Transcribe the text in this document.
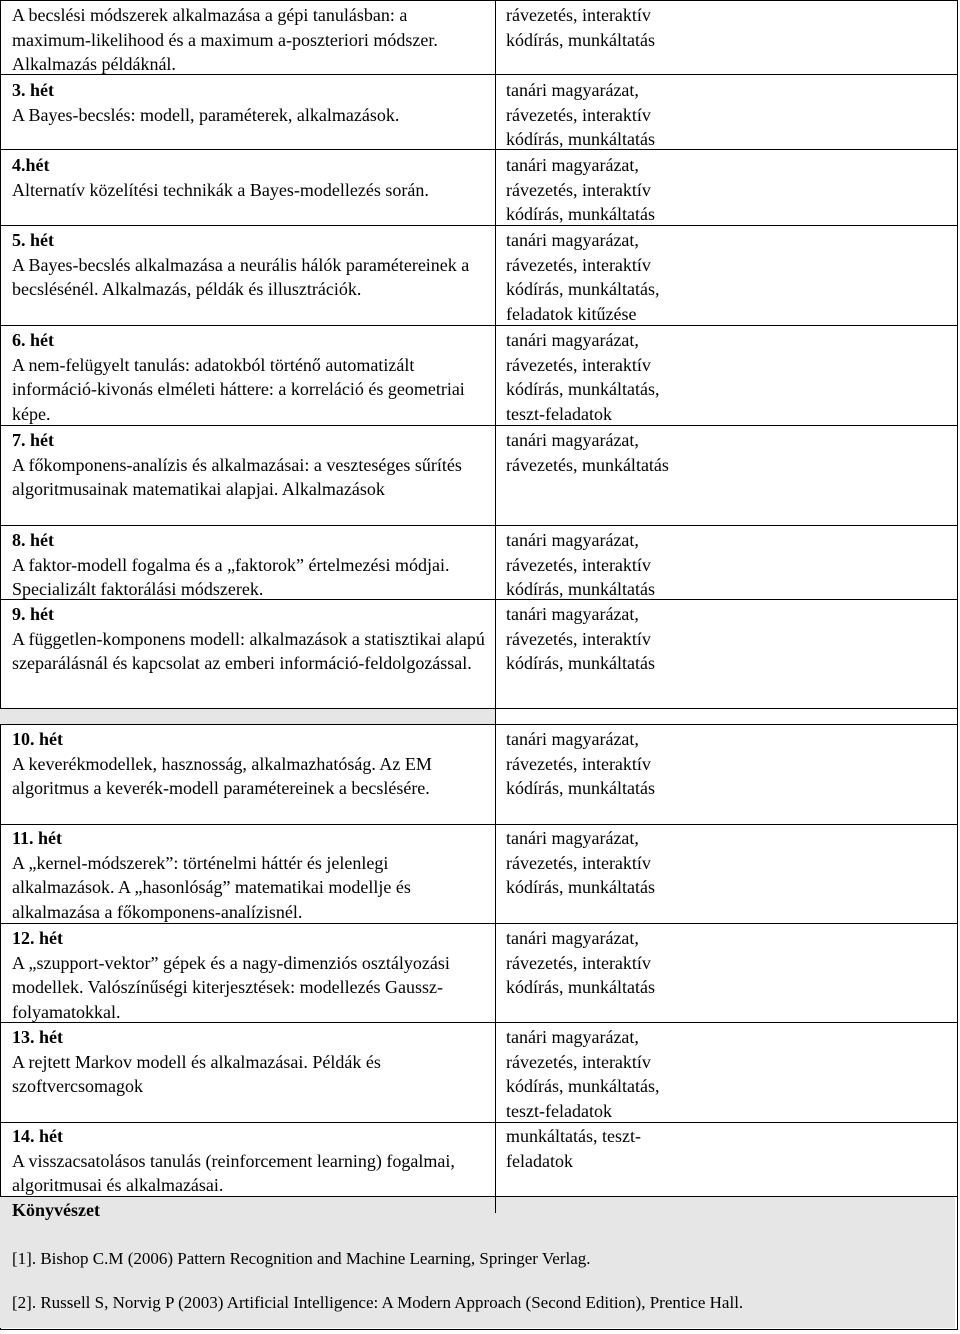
A becslési módszerek alkalmazása a gépi tanulásban: a maximum-likelihood és a maximum a-poszteriori módszer. Alkalmazás példáknál.

rávezetés, interaktív kódírás, munkáltatás

3. hét

A Bayes-becslés: modell, paraméterek, alkalmazások.

tanári magyarázat, rávezetés, interaktív kódírás, munkáltatás

4.hét

Alternatív közelítési technikák a Bayes-modellezés során.

tanári magyarázat, rávezetés, interaktív kódírás, munkáltatás

5. hét

A Bayes-becslés alkalmazása a neurális hálók paramétereinek a becslésénél. Alkalmazás, példák és illusztrációk.

tanári magyarázat, rávezetés, interaktív kódírás, munkáltatás, feladatok kitűzése

6. hét

A nem-felügyelt tanulás: adatokból történő automatizált információ-kivonás elméleti háttere: a korreláció és geometriai képe.

tanári magyarázat, rávezetés, interaktív kódírás, munkáltatás, teszt-feladatok

7. hét

A főkomponens-analízis és alkalmazásai: a veszteséges sűrítés algoritmusainak matematikai alapjai. Alkalmazások

tanári magyarázat, rávezetés, munkáltatás

8. hét

A faktor-modell fogalma és a „faktorok” értelmezési módjai. Specializált faktorálási módszerek.

tanári magyarázat, rávezetés, interaktív kódírás, munkáltatás

9. hét

A független-komponens modell: alkalmazások a statisztikai alapú szeparálásnál és kapcsolat az emberi információ-feldolgozással.

tanári magyarázat, rávezetés, interaktív kódírás, munkáltatás

10. hét

A keverékmodellek, hasznosság, alkalmazhatóság. Az EM algoritmus a keverék-modell paramétereinek a becslésére.

tanári magyarázat, rávezetés, interaktív kódírás, munkáltatás

11. hét

A „kernel-módszerek”: történelmi háttér és jelenlegi alkalmazások. A „hasonlóság” matematikai modellje és alkalmazása a főkomponens-analízisnél.

tanári magyarázat, rávezetés, interaktív kódírás, munkáltatás

12. hét

A „szupport-vektor” gépek és a nagy-dimenziós osztályozási modellek. Valószínűségi kiterjesztések: modellezés Gaussz-folyamatokkal.

tanári magyarázat, rávezetés, interaktív kódírás, munkáltatás

13. hét

A rejtett Markov modell és alkalmazásai. Példák és szoftvercsomagok

tanári magyarázat, rávezetés, interaktív kódírás, munkáltatás, teszt-feladatok

14. hét

A visszacsatolásos tanulás (reinforcement learning) fogalmai, algoritmusai és alkalmazásai.

Könyvészet

munkáltatás, teszt-feladatok

[1]. Bishop C.M (2006) Pattern Recognition and Machine Learning, Springer Verlag.

[2]. Russell S, Norvig P (2003) Artificial Intelligence: A Modern Approach (Second Edition), Prentice Hall.
